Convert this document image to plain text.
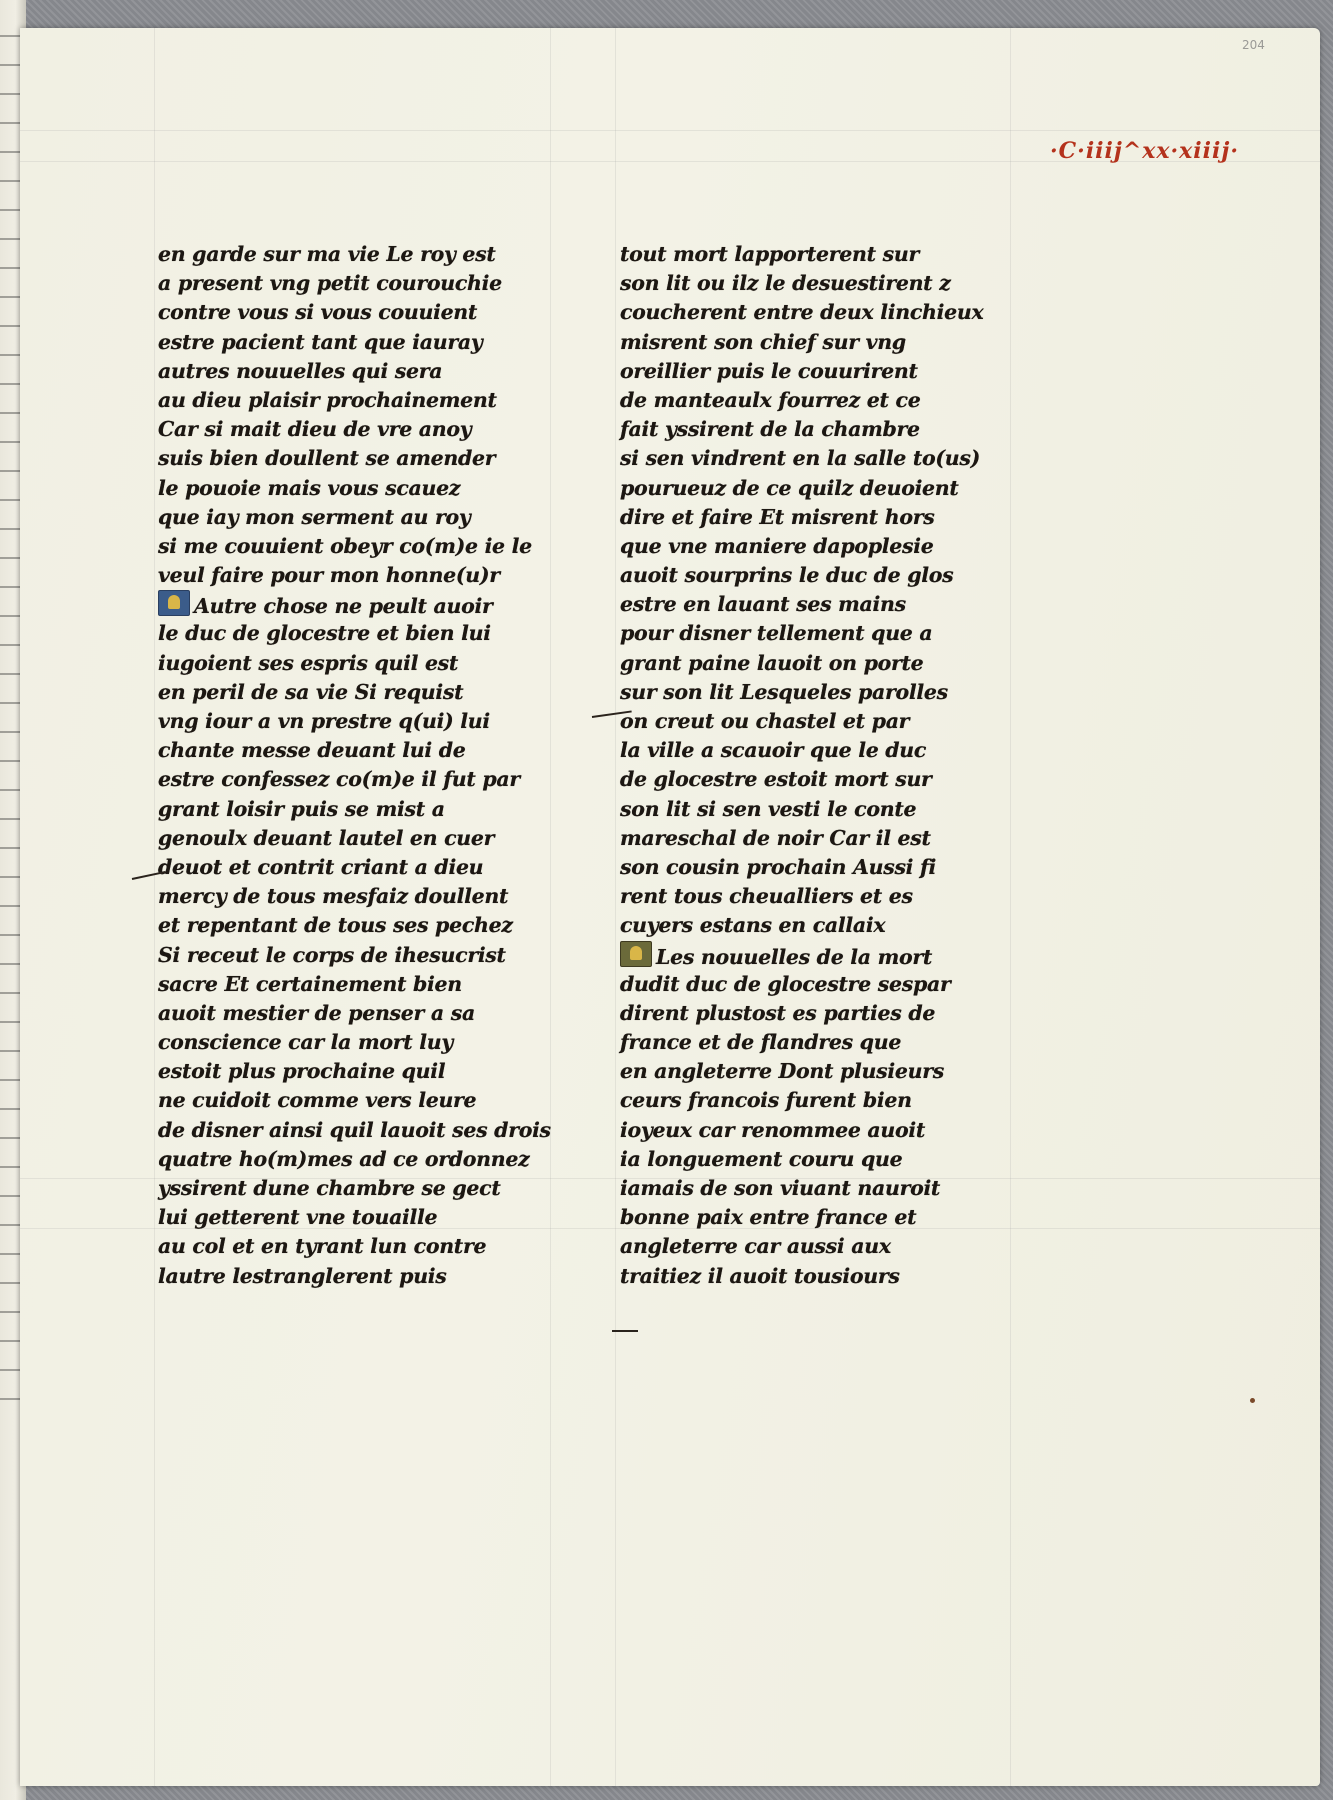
204
·C·iiij^xx·xiiij·
en garde sur ma vie Le roy est
a present vng petit courouchie
contre vous si vous couuient
estre pacient tant que iauray
autres nouuelles qui sera
au dieu plaisir prochainement
Car si mait dieu de vre anoy
suis bien doullent se amender
le pouoie mais vous scauez
que iay mon serment au roy
si me couuient obeyr co(m)e ie le
veul faire pour mon honne(u)r
Autre chose ne peult auoir
le duc de glocestre et bien lui
iugoient ses espris quil est
en peril de sa vie Si requist
vng iour a vn prestre q(ui) lui
chante messe deuant lui de
estre confessez co(m)e il fut par
grant loisir puis se mist a
genoulx deuant lautel en cuer
deuot et contrit criant a dieu
mercy de tous mesfaiz doullent
et repentant de tous ses pechez
Si receut le corps de ihesucrist
sacre Et certainement bien
auoit mestier de penser a sa
conscience car la mort luy
estoit plus prochaine quil
ne cuidoit comme vers leure
de disner ainsi quil lauoit ses drois
quatre ho(m)mes ad ce ordonnez
yssirent dune chambre se gect
lui getterent vne touaille
au col et en tyrant lun contre
lautre lestranglerent puis
tout mort lapporterent sur
son lit ou ilz le desuestirent z
coucherent entre deux linchieux
misrent son chief sur vng
oreillier puis le couurirent
de manteaulx fourrez et ce
fait yssirent de la chambre
si sen vindrent en la salle to(us)
pourueuz de ce quilz deuoient
dire et faire Et misrent hors
que vne maniere dapoplesie
auoit sourprins le duc de glos
estre en lauant ses mains
pour disner tellement que a
grant paine lauoit on porte
sur son lit Lesqueles parolles
on creut ou chastel et par
la ville a scauoir que le duc
de glocestre estoit mort sur
son lit si sen vesti le conte
mareschal de noir Car il est
son cousin prochain Aussi fi
rent tous cheualliers et es
cuyers estans en callaix
Les nouuelles de la mort
dudit duc de glocestre sespar
dirent plustost es parties de
france et de flandres que
en angleterre Dont plusieurs
ceurs francois furent bien
ioyeux car renommee auoit
ia longuement couru que
iamais de son viuant nauroit
bonne paix entre france et
angleterre car aussi aux
traitiez il auoit tousiours
